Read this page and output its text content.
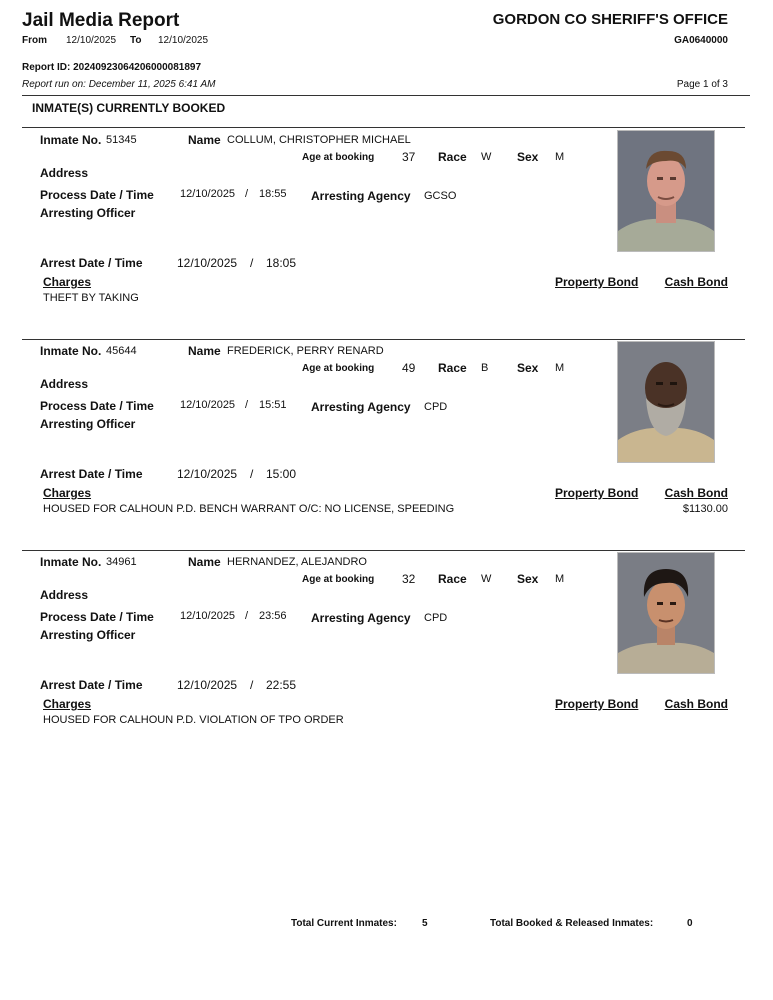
Jail Media Report	GORDON CO SHERIFF'S OFFICE
From 12/10/2025 To 12/10/2025	GA0640000
Report ID: 20240923064206000081897
Report run on: December 11, 2025 6:41 AM	Page 1 of 3
INMATE(S) CURRENTLY BOOKED
Inmate No. 51345	Name COLLUM, CHRISTOPHER MICHAEL
Age at booking 37 Race W Sex M
Address
Process Date / Time 12/10/2025 / 18:55 Arresting Agency GCSO
Arresting Officer
Arrest Date / Time	12/10/2025 / 18:05
Charges	Property Bond Cash Bond
THEFT BY TAKING
Inmate No. 45644	Name FREDERICK, PERRY RENARD
Age at booking 49 Race B Sex M
Address
Process Date / Time 12/10/2025 / 15:51 Arresting Agency CPD
Arresting Officer
Arrest Date / Time	12/10/2025 / 15:00
Charges	Property Bond Cash Bond
HOUSED FOR CALHOUN P.D. BENCH WARRANT O/C: NO LICENSE, SPEEDING	$1130.00
Inmate No. 34961	Name HERNANDEZ, ALEJANDRO
Age at booking 32 Race W Sex M
Address
Process Date / Time 12/10/2025 / 23:56 Arresting Agency CPD
Arresting Officer
Arrest Date / Time	12/10/2025 / 22:55
Charges	Property Bond Cash Bond
HOUSED FOR CALHOUN P.D. VIOLATION OF TPO ORDER
Total Current Inmates:	5	Total Booked & Released Inmates:	0
